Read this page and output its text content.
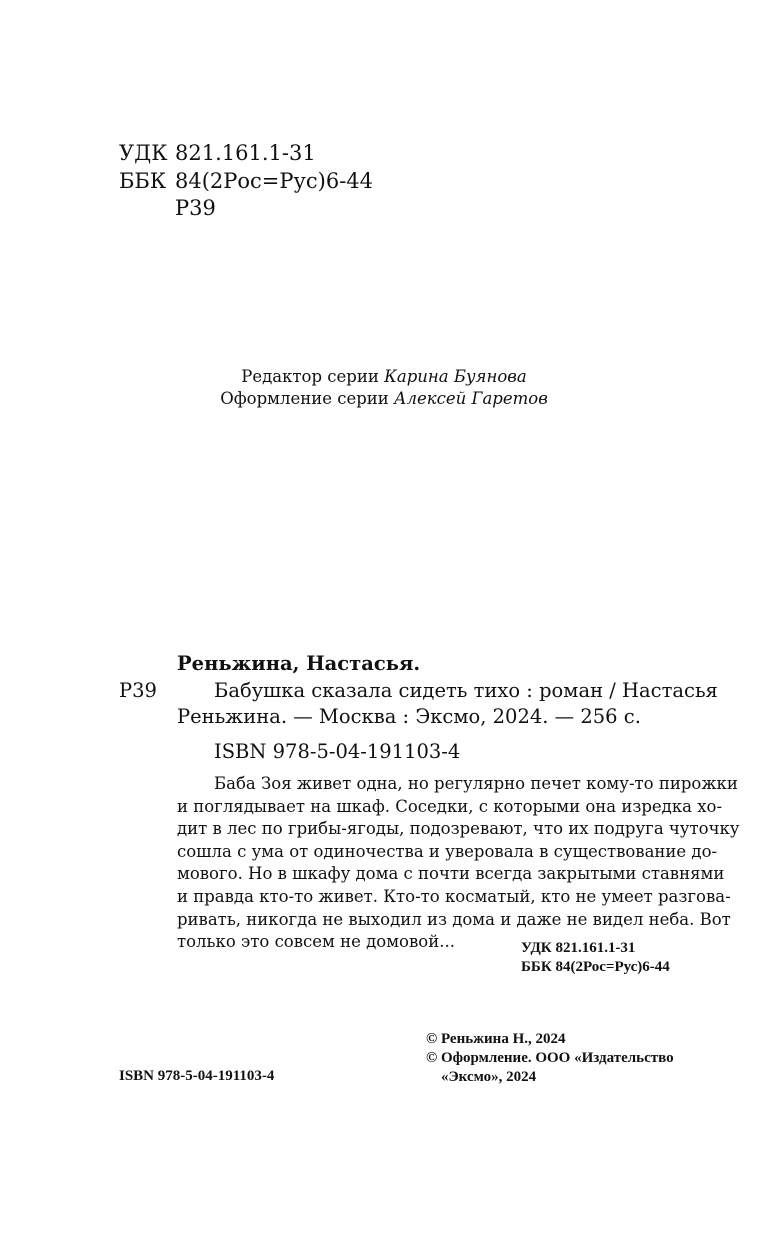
УДК 821.161.1-31
ББК 84(2Рос=Рус)6-44
Р39
Редактор серии Карина Буянова
Оформление серии Алексей Гаретов
Реньжина, Настасья.
Р39	Бабушка сказала сидеть тихо : роман / Настасья
Реньжина. — Москва : Эксмо, 2024. — 256 с.
ISBN 978-5-04-191103-4
Баба Зоя живет одна, но регулярно печет кому-то пирожки
и поглядывает на шкаф. Соседки, с которыми она изредка хо-
дит в лес по грибы-ягоды, подозревают, что их подруга чуточку
сошла с ума от одиночества и уверовала в существование до-
мового. Но в шкафу дома с почти всегда закрытыми ставнями
и правда кто-то живет. Кто-то косматый, кто не умеет разгова-
ривать, никогда не выходил из дома и даже не видел неба. Вот
только это совсем не домовой...	УДК 821.161.1-31
ББК 84(2Рос=Рус)6-44
ISBN 978-5-04-191103-4
© Реньжина Н., 2024
© Оформление. ООО «Издательство
«Эксмо», 2024
